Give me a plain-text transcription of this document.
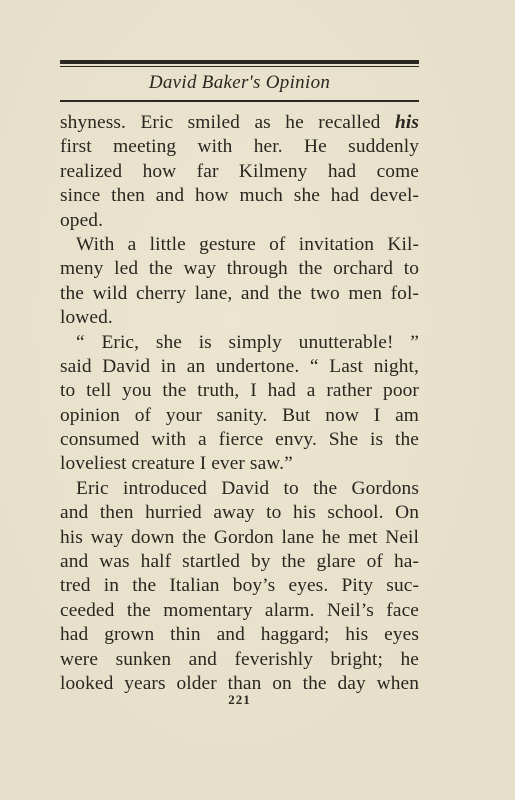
David Baker's Opinion
shyness. Eric smiled as he recalled his
first meeting with her. He suddenly
realized how far Kilmeny had come
since then and how much she had devel-
oped.
With a little gesture of invitation Kil-
meny led the way through the orchard to
the wild cherry lane, and the two men fol-
lowed.
“ Eric, she is simply unutterable! ”
said David in an undertone. “ Last night,
to tell you the truth, I had a rather poor
opinion of your sanity. But now I am
consumed with a fierce envy. She is the
loveliest creature I ever saw.”
Eric introduced David to the Gordons
and then hurried away to his school. On
his way down the Gordon lane he met Neil
and was half startled by the glare of ha-
tred in the Italian boy’s eyes. Pity suc-
ceeded the momentary alarm. Neil’s face
had grown thin and haggard; his eyes
were sunken and feverishly bright; he
looked years older than on the day when
221
